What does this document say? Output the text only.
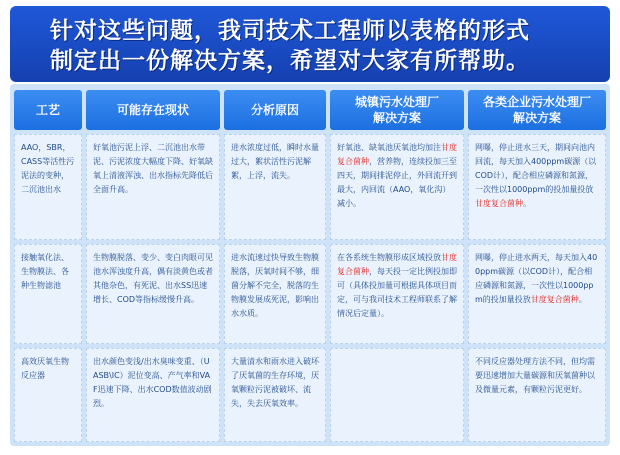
针对这些问题，我司技术工程师以表格的形式
制定出一份解决方案，希望对大家有所帮助。
工艺	可能存在现状	分析原因
城镇污水处理厂解决方案
各类企业污水处理厂解决方案
AAO，SBR，CASS等活性污泥法的变种，二沉池出水
好氧池污泥上浮、二沉池出水带泥、污泥浓度大幅度下降、好氧缺氧上清液浑浊、出水指标先降低后全面升高。
进水浓度过低，瞬时水量过大，絮状活性污泥解絮，上浮，流失。
好氧池、缺氧池厌氧池均加注甘度复合菌种，营养物，连续投加三至四天，期间排泥停止，外回流开到最大，内回流（AAO，氧化沟）减小。
网曝，停止进水三天，期间向池内回流，每天加入400ppm碳源（以COD计），配合相应磷源和氮源，一次性以1000ppm的投加量投放甘度复合菌种。
接触氧化法、生物膜法、各种生物滤池
生物膜脱落、变少、变白肉眼可见池水浑浊度升高，偶有淡黄色或者其他杂色，有死泥、出水SS迅速增长、COD等指标缓慢升高。
进水流速过快导致生物膜脱落，厌氧时间不够，细菌分解不完全，脱落的生物膜发展成死泥，影响出水水质。
在各系统生物膜形成区域投放甘度复合菌种，每天投一定比例投加即可（具体投加量可根据具体项目而定，可与我司技术工程师联系了解情况后定量）。
网曝，停止进水两天，每天加入400ppm碳源（以COD计），配合相应磷源和氮源，一次性以1000ppm的投加量投放甘度复合菌种。
高效厌氧生物反应器
出水颜色变浅/出水臭味变重、（UASB\IC）泥位变高、产气率和VAF迅速下降、出水COD数值波动剧烈。
大量清水和雨水进入破坏了厌氧菌的生存环境，厌氧颗粒污泥被破坏、流失，失去厌氧效率。
不同反应器处理方法不同，但均需要迅速增加大量碳源和厌氧菌种以及微量元素，有颗粒污泥更好。
